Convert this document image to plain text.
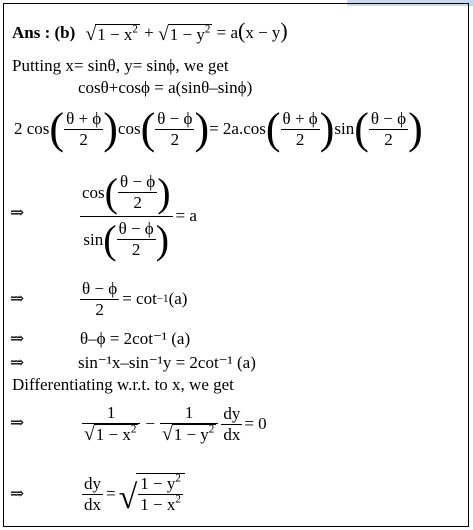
Ans : (b) √ $1 - x^2$ + √ $1 - y^2 = a(x - y)$
Putting x= sinθ, y= sinϕ, we get
cosθ+cosϕ = a(sinθ–sinϕ)
2 cos ( $\frac{\theta + \phi}{2}$ ) cos ( $\frac{\theta - \phi}{2}$ ) = 2a.cos ( $\frac{\theta + \phi}{2}$ ) sin ( $\frac{\theta - \phi}{2}$ )
⇒	$\frac{\cos ( \frac{\theta - \phi}{2} )}{\sin ( \frac{\theta - \phi}{2} )} = a$
⇒	$\frac{\theta - \phi}{2} = \cot -1$ (a)
⇒	θ–ϕ = 2cot⁻¹ (a)
⇒	sin⁻¹x–sin⁻¹y = 2cot⁻¹ (a)
Differentiating w.r.t. to x, we get
⇒	$\frac{1}{√ 1 - x^2} - \frac{1}{√ 1 - y^2} \frac{dy}{dx} = 0$
⇒	$\frac{dy}{dx}$ = √ $\frac{1 - y^2}{1 - x^2}$
